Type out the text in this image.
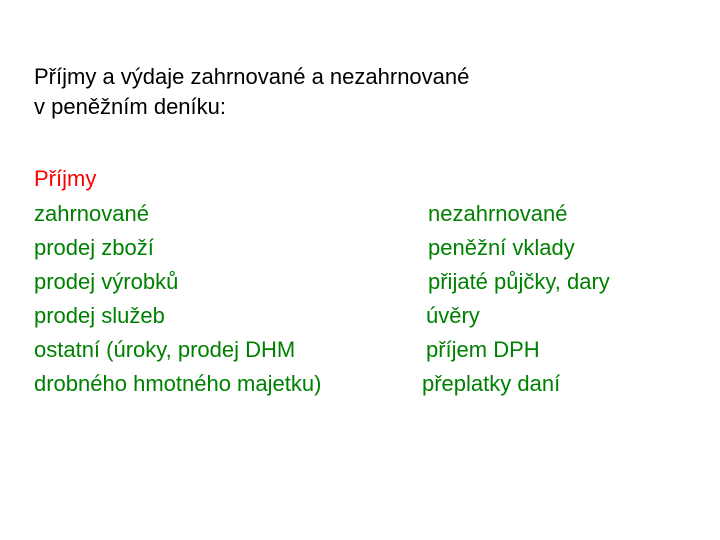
Příjmy a výdaje zahrnované a nezahrnované
v peněžním deníku:
Příjmy
zahrnované
prodej zboží
prodej výrobků
prodej služeb
ostatní (úroky, prodej DHM
drobného hmotného majetku)
nezahrnované
peněžní vklady
přijaté půjčky, dary
úvěry
příjem DPH
přeplatky daní
